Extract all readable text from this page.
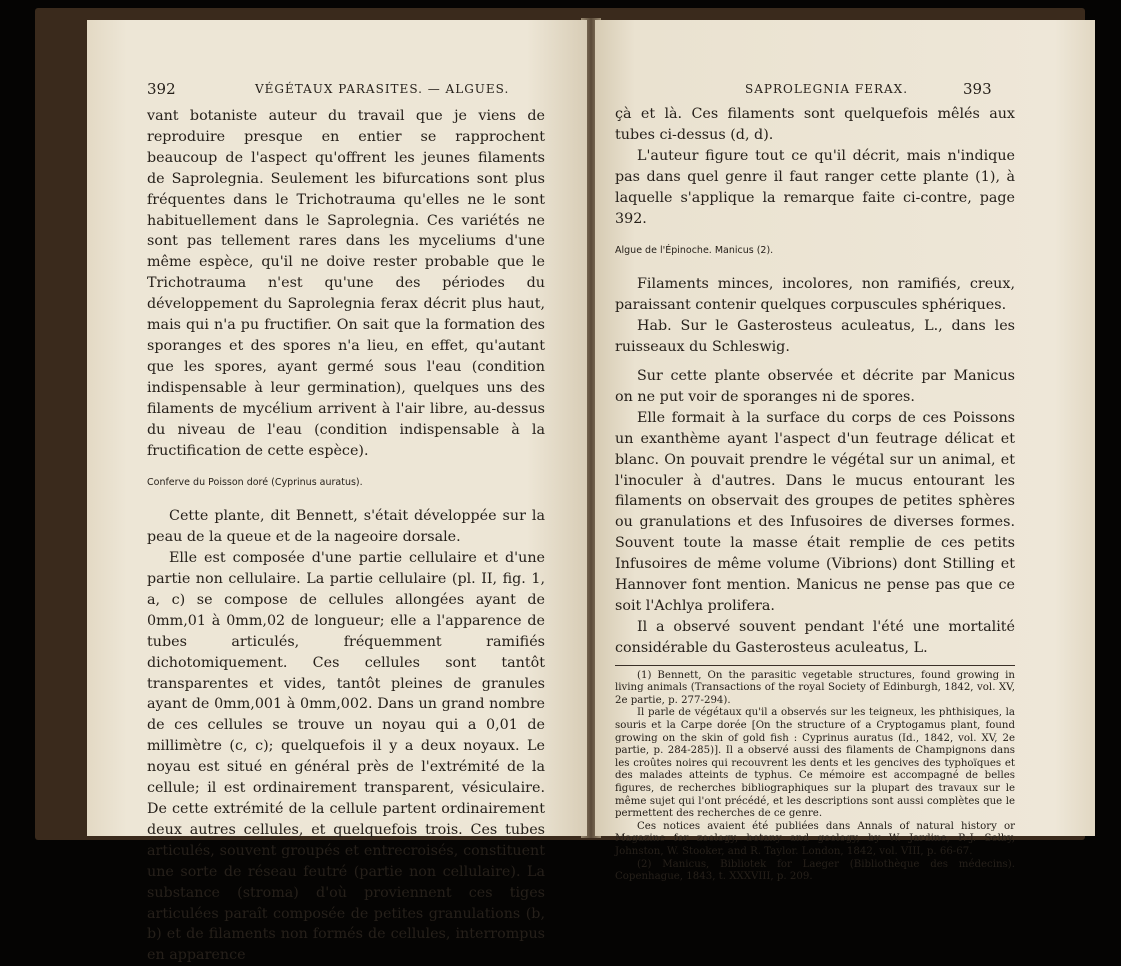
392	VÉGÉTAUX PARASITES. — ALGUES.

vant botaniste auteur du travail que je viens de reproduire presque en entier se rapprochent beaucoup de l'aspect qu'offrent les jeunes filaments de Saprolegnia. Seulement les bifurcations sont plus fréquentes dans le Trichotrauma qu'elles ne le sont habituellement dans le Saprolegnia. Ces variétés ne sont pas tellement rares dans les myceliums d'une même espèce, qu'il ne doive rester probable que le Trichotrauma n'est qu'une des périodes du développement du Saprolegnia ferax décrit plus haut, mais qui n'a pu fructifier. On sait que la formation des sporanges et des spores n'a lieu, en effet, qu'autant que les spores, ayant germé sous l'eau (condition indispensable à leur germination), quelques uns des filaments de mycélium arrivent à l'air libre, au-dessus du niveau de l'eau (condition indispensable à la fructification de cette espèce).

Conferve du Poisson doré (Cyprinus auratus).

Cette plante, dit Bennett, s'était développée sur la peau de la queue et de la nageoire dorsale.

Elle est composée d'une partie cellulaire et d'une partie non cellulaire. La partie cellulaire (pl. II, fig. 1, a, c) se compose de cellules allongées ayant de 0mm,01 à 0mm,02 de longueur; elle a l'apparence de tubes articulés, fréquemment ramifiés dichotomiquement. Ces cellules sont tantôt transparentes et vides, tantôt pleines de granules ayant de 0mm,001 à 0mm,002. Dans un grand nombre de ces cellules se trouve un noyau qui a 0,01 de millimètre (c, c); quelquefois il y a deux noyaux. Le noyau est situé en général près de l'extrémité de la cellule; il est ordinairement transparent, vésiculaire. De cette extrémité de la cellule partent ordinairement deux autres cellules, et quelquefois trois. Ces tubes articulés, souvent groupés et entrecroisés, constituent une sorte de réseau feutré (partie non cellulaire). La substance (stroma) d'où proviennent ces tiges articulées paraît composée de petites granulations (b, b) et de filaments non formés de cellules, interrompus en apparence

SAPROLEGNIA FERAX.	393

çà et là. Ces filaments sont quelquefois mêlés aux tubes ci-dessus (d, d).

L'auteur figure tout ce qu'il décrit, mais n'indique pas dans quel genre il faut ranger cette plante (1), à laquelle s'applique la remarque faite ci-contre, page 392.

Algue de l'Épinoche. Manicus (2).

Filaments minces, incolores, non ramifiés, creux, paraissant contenir quelques corpuscules sphériques.

Hab. Sur le Gasterosteus aculeatus, L., dans les ruisseaux du Schleswig.

Sur cette plante observée et décrite par Manicus on ne put voir de sporanges ni de spores.

Elle formait à la surface du corps de ces Poissons un exanthème ayant l'aspect d'un feutrage délicat et blanc. On pouvait prendre le végétal sur un animal, et l'inoculer à d'autres. Dans le mucus entourant les filaments on observait des groupes de petites sphères ou granulations et des Infusoires de diverses formes. Souvent toute la masse était remplie de ces petits Infusoires de même volume (Vibrions) dont Stilling et Hannover font mention. Manicus ne pense pas que ce soit l'Achlya prolifera.

Il a observé souvent pendant l'été une mortalité considérable du Gasterosteus aculeatus, L.

(1) Bennett, On the parasitic vegetable structures, found growing in living animals (Transactions of the royal Society of Edinburgh, 1842, vol. XV, 2e partie, p. 277-294).

Il parle de végétaux qu'il a observés sur les teigneux, les phthisiques, la souris et la Carpe dorée [On the structure of a Cryptogamus plant, found growing on the skin of gold fish : Cyprinus auratus (Id., 1842, vol. XV, 2e partie, p. 284-285)]. Il a observé aussi des filaments de Champignons dans les croûtes noires qui recouvrent les dents et les gencives des typhoïques et des malades atteints de typhus. Ce mémoire est accompagné de belles figures, de recherches bibliographiques sur la plupart des travaux sur le même sujet qui l'ont précédé, et les descriptions sont aussi complètes que le permettent des recherches de ce genre.

Ces notices avaient été publiées dans Annals of natural history or Magazine for zoology, botany and geology, by W. Jardine, P.-J. Selby, Johnston, W. Stooker, and R. Taylor. London, 1842, vol. VIII, p. 66-67.

(2) Manicus, Bibliotek for Laeger (Bibliothèque des médecins). Copenhague, 1843, t. XXXVIII, p. 209.
